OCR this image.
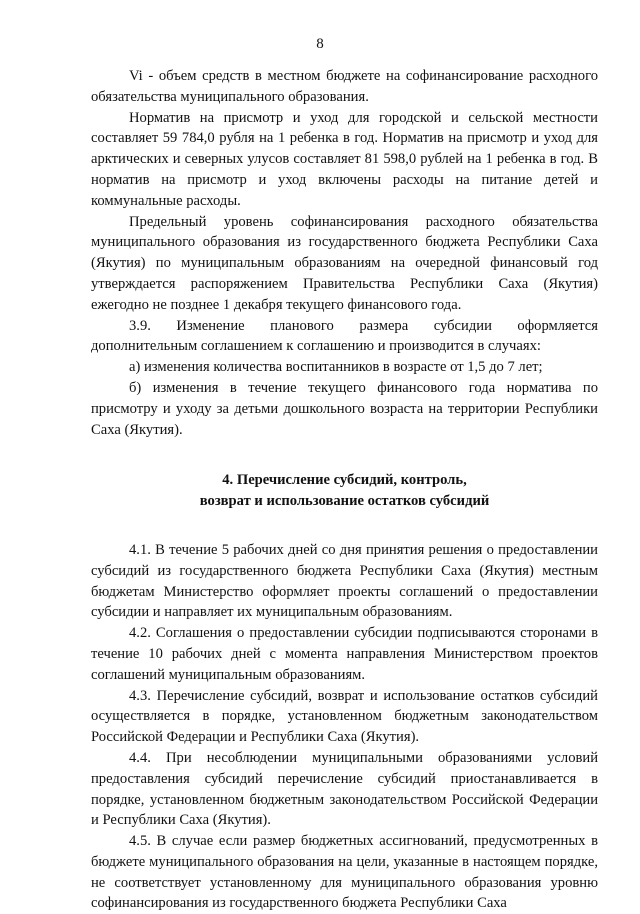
8

Vi - объем средств в местном бюджете на софинансирование расходного обязательства муниципального образования.

Норматив на присмотр и уход для городской и сельской местности составляет 59 784,0 рубля на 1 ребенка в год. Норматив на присмотр и уход для арктических и северных улусов составляет 81 598,0 рублей на 1 ребенка в год. В норматив на присмотр и уход включены расходы на питание детей и коммунальные расходы.

Предельный уровень софинансирования расходного обязательства муниципального образования из государственного бюджета Республики Саха (Якутия) по муниципальным образованиям на очередной финансовый год утверждается распоряжением Правительства Республики Саха (Якутия) ежегодно не позднее 1 декабря текущего финансового года.

3.9. Изменение планового размера субсидии оформляется дополнительным соглашением к соглашению и производится в случаях:

а) изменения количества воспитанников в возрасте от 1,5 до 7 лет;

б) изменения в течение текущего финансового года норматива по присмотру и уходу за детьми дошкольного возраста на территории Республики Саха (Якутия).

4. Перечисление субсидий, контроль,
возврат и использование остатков субсидий

4.1. В течение 5 рабочих дней со дня принятия решения о предоставлении субсидий из государственного бюджета Республики Саха (Якутия) местным бюджетам Министерство оформляет проекты соглашений о предоставлении субсидии и направляет их муниципальным образованиям.

4.2. Соглашения о предоставлении субсидии подписываются сторонами в течение 10 рабочих дней с момента направления Министерством проектов соглашений муниципальным образованиям.

4.3. Перечисление субсидий, возврат и использование остатков субсидий осуществляется в порядке, установленном бюджетным законодательством Российской Федерации и Республики Саха (Якутия).

4.4. При несоблюдении муниципальными образованиями условий предоставления субсидий перечисление субсидий приостанавливается в порядке, установленном бюджетным законодательством Российской Федерации и Республики Саха (Якутия).

4.5. В случае если размер бюджетных ассигнований, предусмотренных в бюджете муниципального образования на цели, указанные в настоящем порядке, не соответствует установленному для муниципального образования уровню софинансирования из государственного бюджета Республики Саха
